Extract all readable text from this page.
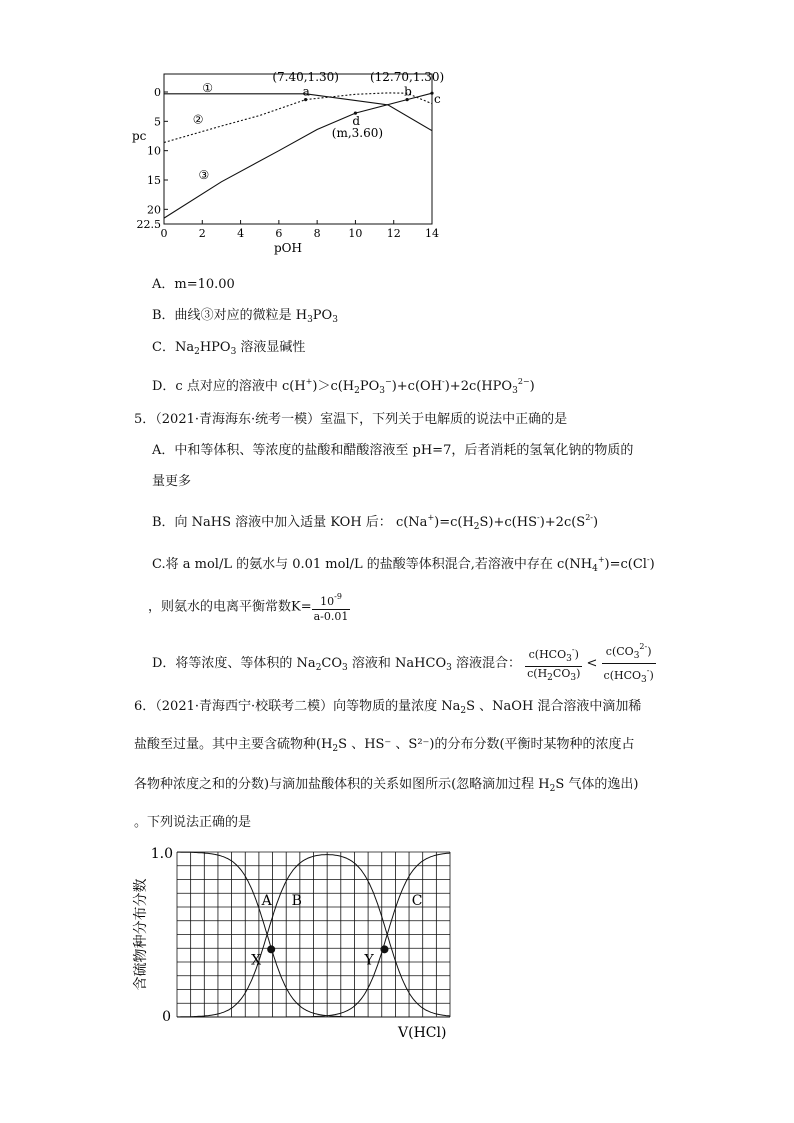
0	2	4	6	8	10 12 14
0
5
10
15
20
22.5
pOH
pc
①
②
③
a
(7.40,1.30)
b
(12.70,1.30)
c
d
(m,3.60)
A．m=10.00
B．曲线③对应的微粒是 $H_3PO_3$
C．$Na_2HPO_3$ 溶液显碱性
D．c 点对应的溶液中 $c(H^+)>c(H_2PO_3^-)+c(OH^-)+2c(HPO_3^{2-})$
5．（2021·青海海东·统考一模）室温下，下列关于电解质的说法中正确的是
A．中和等体积、等浓度的盐酸和醋酸溶液至 pH=7，后者消耗的氢氧化钠的物质的
量更多
B．向 NaHS 溶液中加入适量 KOH 后： $c(Na^+)=c(H_2S)+c(HS^-)+2c(S^{2-})$
C.将 a mol/L 的氨水与 0.01 mol/L 的盐酸等体积混合,若溶液中存在 $c(NH_4^+)=c(Cl^-)$
，则氨水的电离平衡常数$K= \frac{10^{-9}}{a-0.01}$
D．将等浓度、等体积的 $Na_2CO_3$ 溶液和 NaHCO$_3$ 溶液混合： $\frac{c(HCO_3^-)}{c(H_2CO_3)} < \frac{c(CO_3^{2-})}{c(HCO_3^-)}$
6．（2021·青海西宁·校联考二模）向等物质的量浓度 $Na_2S$ 、NaOH 混合溶液中滴加稀
盐酸至过量。其中主要含硫物种($H_2S$ 、HS⁻ 、S²⁻)的分布分数(平衡时某物种的浓度占
各物种浓度之和的分数)与滴加盐酸体积的关系如图所示(忽略滴加过程 $H_2S$ 气体的逸出)
。下列说法正确的是
1.0
0
V(HCl)
含硫物种分布分数	A B	C
X	Y
